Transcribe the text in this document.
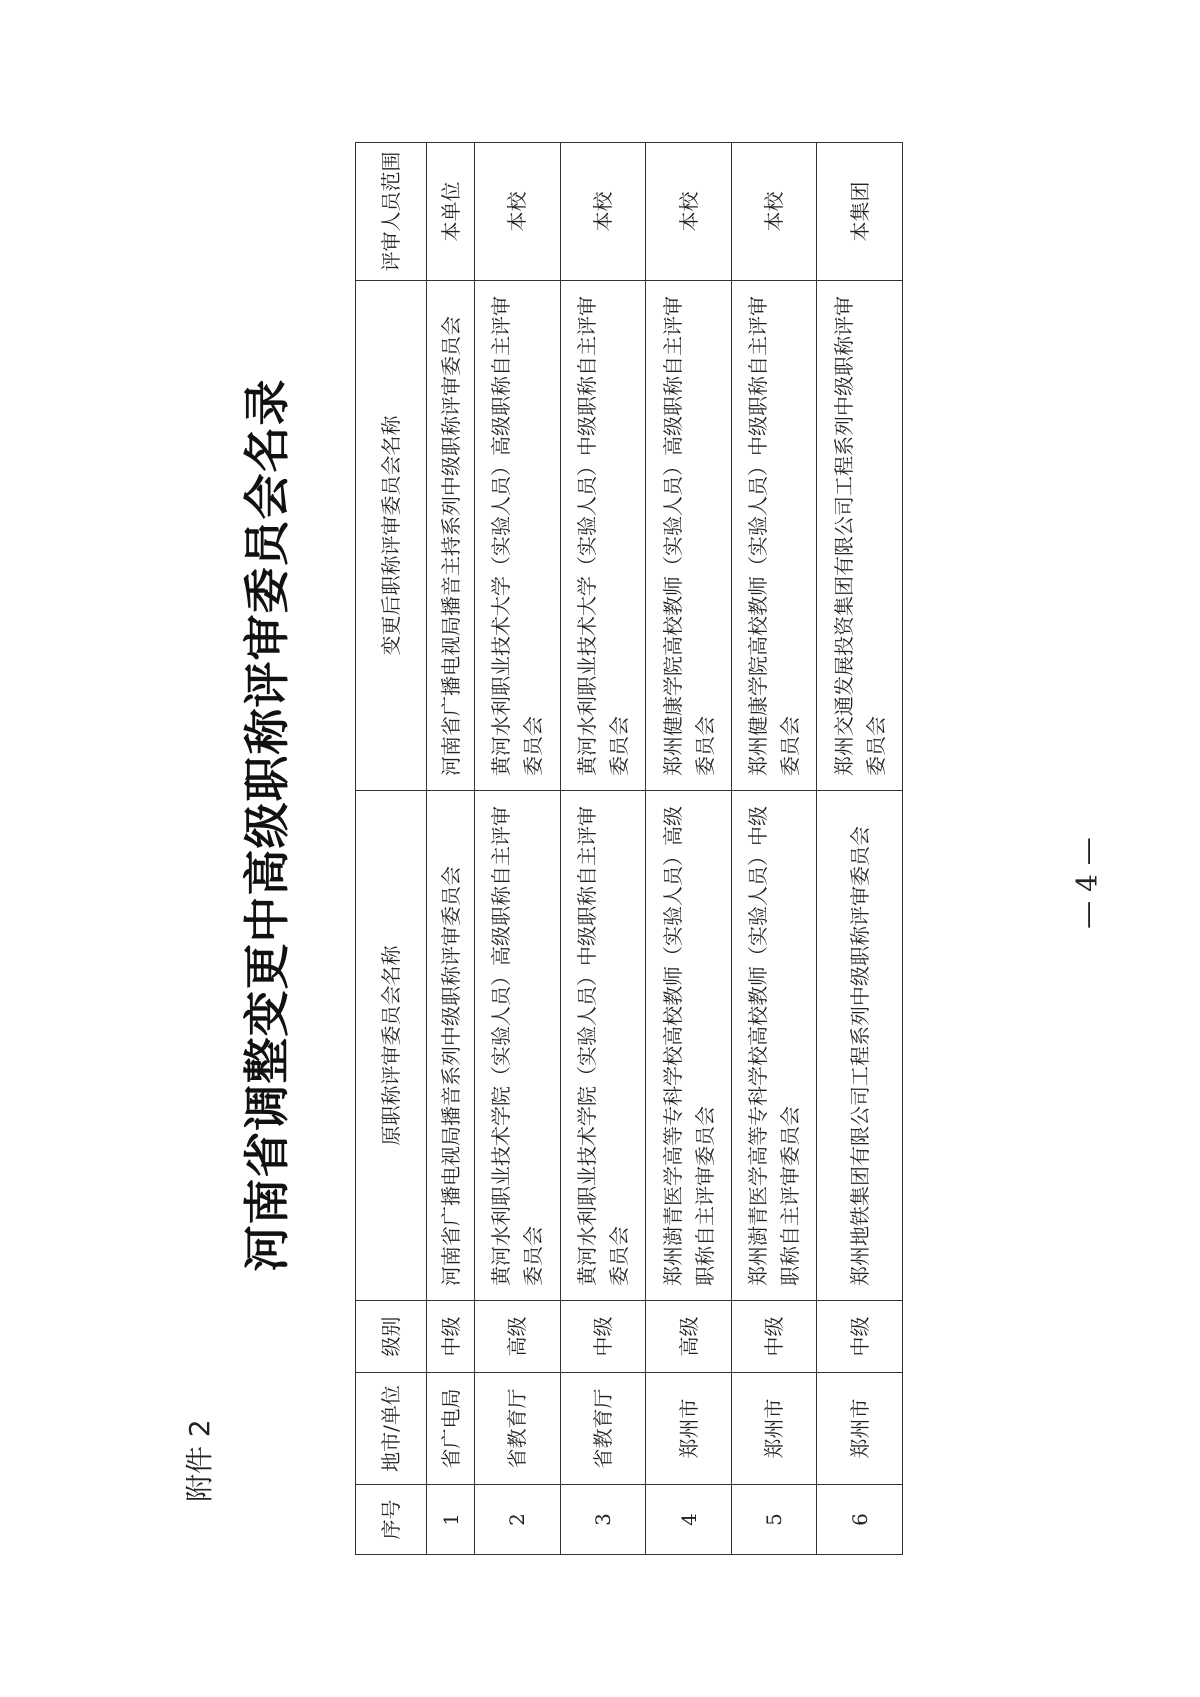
附件 2
河南省调整变更中高级职称评审委员会名录
序号	地市/单位	级别	原职称评审委员会名称	变更后职称评审委员会名称	评审人员范围
1	省广电局	中级	河南省广播电视局播音系列中级职称评审委员会	河南省广播电视局播音主持系列中级职称评审委员会	本单位
2	省教育厅	高级	黄河水利职业技术学院（实验人员）高级职称自主评审委员会	黄河水利职业技术大学（实验人员）高级职称自主评审委员会	本校
3	省教育厅	中级	黄河水利职业技术学院（实验人员）中级职称自主评审委员会	黄河水利职业技术大学（实验人员）中级职称自主评审委员会	本校
4	郑州市	高级	郑州澍青医学高等专科学校高校教师（实验人员）高级职称自主评审委员会	郑州健康学院高校教师（实验人员）高级职称自主评审委员会	本校
5	郑州市	中级	郑州澍青医学高等专科学校高校教师（实验人员）中级职称自主评审委员会	郑州健康学院高校教师（实验人员）中级职称自主评审委员会	本校
6	郑州市	中级	郑州地铁集团有限公司工程系列中级职称评审委员会	郑州交通发展投资集团有限公司工程系列中级职称评审委员会	本集团
— 4 —
